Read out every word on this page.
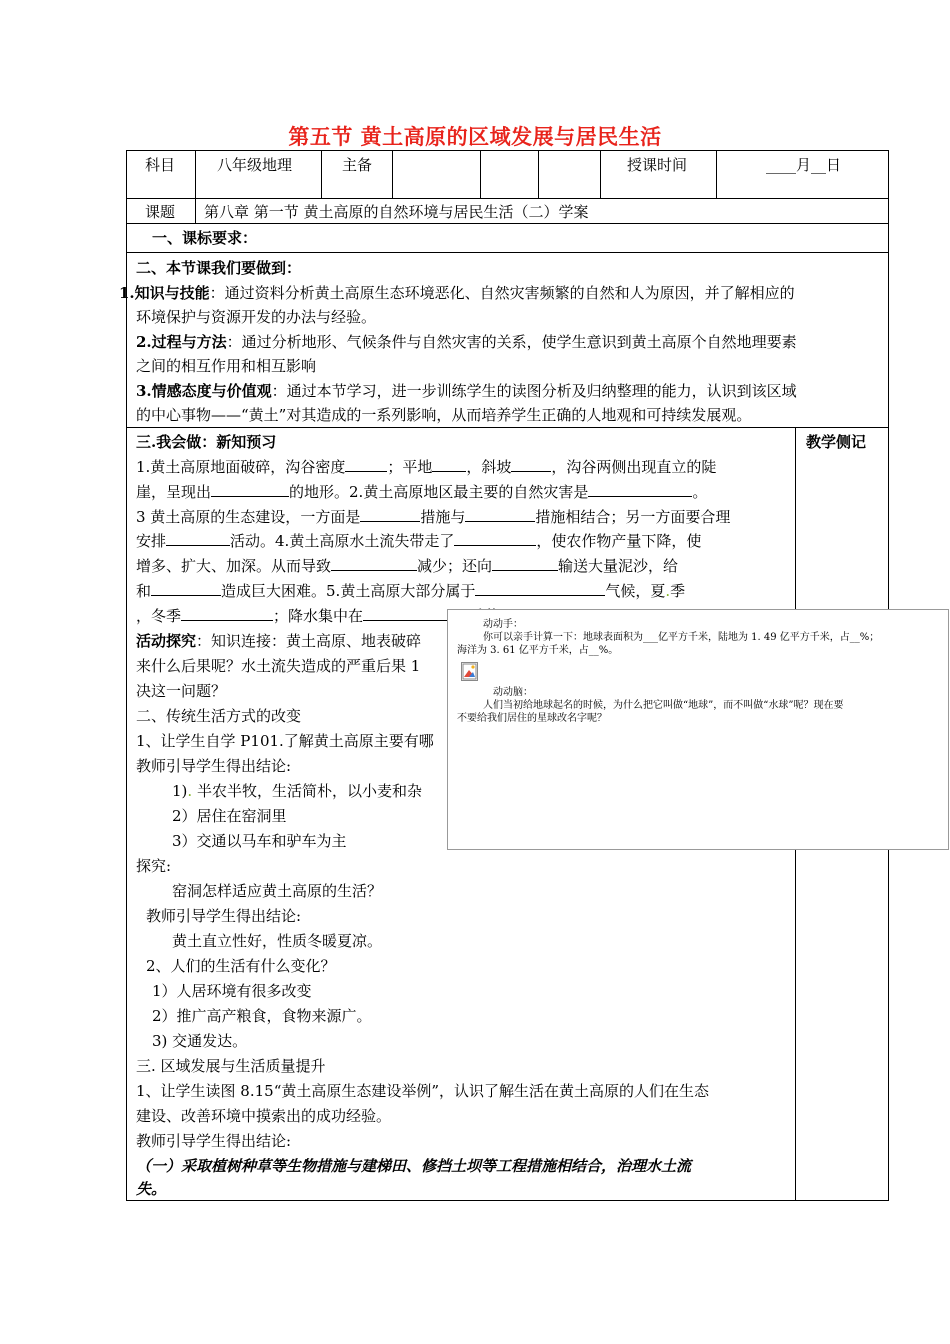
第五节 黄土高原的区域发展与居民生活
科目	八年级地理	主备	授课时间	____月__日
课题 第八章 第一节 黄土高原的自然环境与居民生活（二）学案
一、课标要求：
二、本节课我们要做到：
1.知识与技能：通过资料分析黄土高原生态环境恶化、自然灾害频繁的自然和人为原因，并了解相应的
环境保护与资源开发的办法与经验。
2.过程与方法：通过分析地形、气候条件与自然灾害的关系，使学生意识到黄土高原个自然地理要素
之间的相互作用和相互影响
3.情感态度与价值观：通过本节学习，进一步训练学生的读图分析及归纳整理的能力，认识到该区域
的中心事物——“黄土”对其造成的一系列影响，从而培养学生正确的人地观和可持续发展观。
教学侧记
三.我会做：新知预习
1.黄土高原地面破碎，沟谷密度	；平地 ，斜坡	，沟谷两侧出现直立的陡
崖，呈现出	的地形。2.黄土高原地区最主要的自然灾害是	。
3 黄土高原的生态建设，一方面是	措施与	措施相结合；另一方面要合理
安排	活动。4.黄土高原水土流失带走了	，使农作物产量下降，使
增多、扩大、加深。从而导致	减少；还向	输送大量泥沙，给
和	造成巨大困难。5.黄土高原大部分属于	气候，夏.季
，冬季	；降水集中在
活动探究：知识连接：黄土高原、地表破碎
来什么后果呢？水土流失造成的严重后果 1
决这一问题？
二、传统生活方式的改变
1、让学生自学 P101.了解黄土高原主要有哪
教师引导学生得出结论:
1). 半农半牧，生活简朴，以小麦和杂
2）居住在窑洞里
3）交通以马车和驴车为主
探究:
窑洞怎样适应黄土高原的生活？
教师引导学生得出结论:
黄土直立性好，性质冬暖夏凉。
2、人们的生活有什么变化？
1）人居环境有很多改变
2）推广高产粮食，食物来源广。
3) 交通发达。
三. 区域发展与生活质量提升
1、让学生读图 8.15“黄土高原生态建设举例”，认识了解生活在黄土高原的人们在生态
建设、改善环境中摸索出的成功经验。
教师引导学生得出结论:
（一）采取植树种草等生物措施与建梯田、修挡土坝等工程措施相结合，治理水土流
失。
动动手：
你可以亲手计算一下：地球表面积为___亿平方千米，陆地为 1. 49 亿平方千米，占__%；
海洋为 3. 61 亿平方千米，占__%。
动动脑：
人们当初给地球起名的时候，为什么把它叫做“地球”，而不叫做“水球”呢？现在要
不要给我们居住的星球改名字呢？
